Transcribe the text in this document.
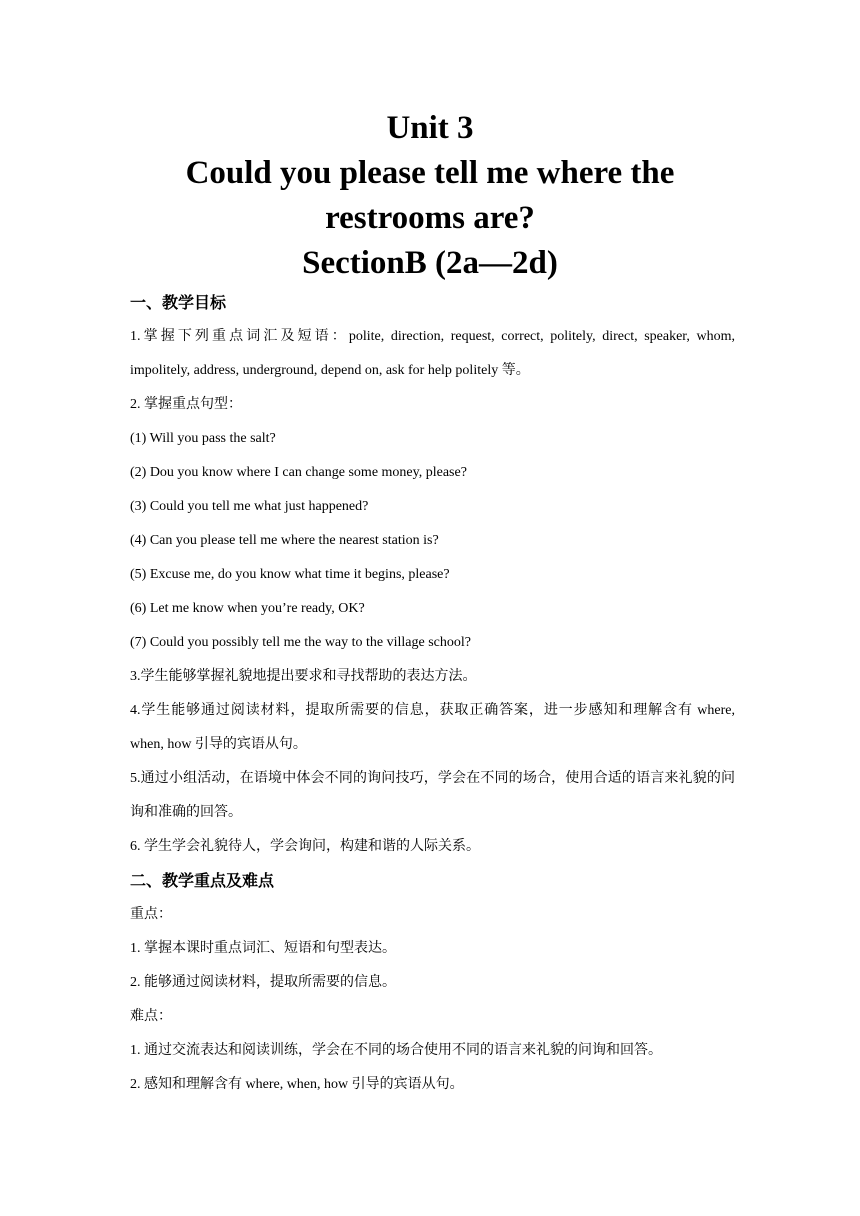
Unit 3
Could you please tell me where the
restrooms are?
SectionB (2a—2d)
一、教学目标

1.掌握下列重点词汇及短语：polite, direction, request, correct, politely, direct, speaker, whom, impolitely, address, underground, depend on, ask for help politely 等。

2. 掌握重点句型：

(1) Will you pass the salt?

(2) Dou you know where I can change some money, please?

(3) Could you tell me what just happened?

(4) Can you please tell me where the nearest station is?

(5) Excuse me, do you know what time it begins, please?

(6) Let me know when you’re ready, OK?

(7) Could you possibly tell me the way to the village school?

3.学生能够掌握礼貌地提出要求和寻找帮助的表达方法。

4.学生能够通过阅读材料，提取所需要的信息，获取正确答案，进一步感知和理解含有 where, when, how 引导的宾语从句。

5.通过小组活动，在语境中体会不同的询问技巧，学会在不同的场合，使用合适的语言来礼貌的问询和准确的回答。

6. 学生学会礼貌待人，学会询问，构建和谐的人际关系。

二、教学重点及难点

重点：

1. 掌握本课时重点词汇、短语和句型表达。

2. 能够通过阅读材料，提取所需要的信息。

难点：

1. 通过交流表达和阅读训练，学会在不同的场合使用不同的语言来礼貌的问询和回答。

2. 感知和理解含有 where, when, how 引导的宾语从句。
